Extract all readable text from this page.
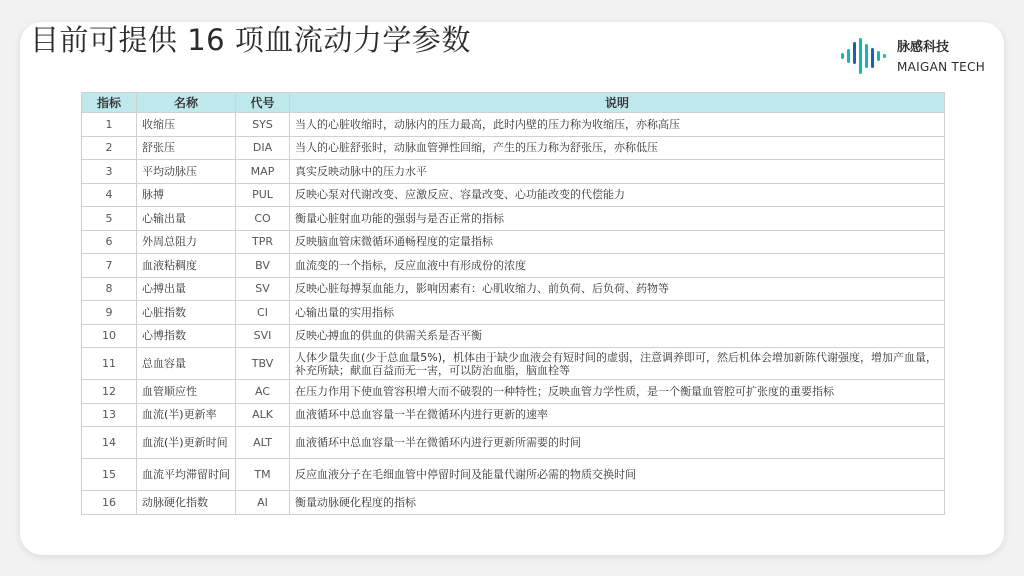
目前可提供 16 项血流动力学参数	脉感科技
MAIGAN TECH
指标	名称	代号	说明
1	收缩压	SYS	当人的心脏收缩时，动脉内的压力最高，此时内壁的压力称为收缩压，亦称高压
2	舒张压	DIA	当人的心脏舒张时，动脉血管弹性回缩，产生的压力称为舒张压，亦称低压
3	平均动脉压	MAP	真实反映动脉中的压力水平
4	脉搏	PUL	反映心泵对代谢改变、应激反应、容量改变、心功能改变的代偿能力
5	心输出量	CO	衡量心脏射血功能的强弱与是否正常的指标
6	外周总阻力	TPR	反映脑血管床微循环通畅程度的定量指标
7	血液粘稠度	BV	血流变的一个指标，反应血液中有形成份的浓度
8	心搏出量	SV	反映心脏每搏泵血能力，影响因素有：心肌收缩力、前负荷、后负荷、药物等
9	心脏指数	CI	心输出量的实用指标
10	心博指数	SVI	反映心搏血的供血的供需关系是否平衡
11	总血容量	TBV	人体少量失血(少于总血量5%)，机体由于缺少血液会有短时间的虚弱，注意调养即可，然后机体会增加新陈代谢强度，增加产血量，补充所缺；献血百益而无一害，可以防治血脂，脑血栓等
12	血管顺应性	AC	在压力作用下使血管容积增大而不破裂的一种特性；反映血管力学性质，是一个衡量血管腔可扩张度的重要指标
13	血流(半)更新率	ALK	血液循环中总血容量一半在微循环内进行更新的速率
14	血流(半)更新时间	ALT	血液循环中总血容量一半在微循环内进行更新所需要的时间
15	血流平均滞留时间	TM	反应血液分子在毛细血管中停留时间及能量代谢所必需的物质交换时间
16	动脉硬化指数	AI	衡量动脉硬化程度的指标
